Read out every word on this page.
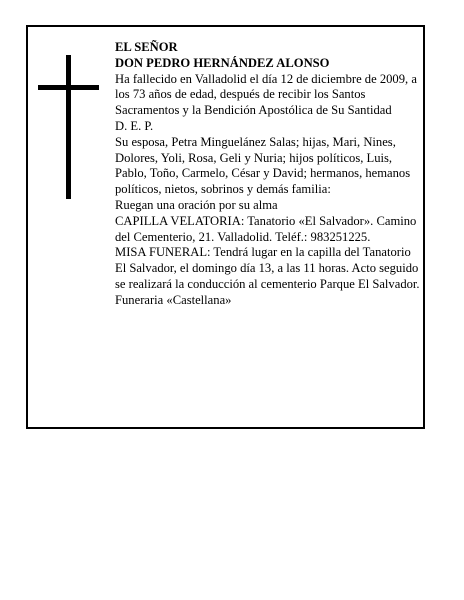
EL SEÑOR

DON PEDRO HERNÁNDEZ ALONSO

Ha fallecido en Valladolid el día 12 de diciembre de 2009, a los 73 años de edad, después de recibir los Santos Sacramentos y la Bendición Apostólica de Su Santidad

D. E. P.

Su esposa, Petra Minguelánez Salas; hijas, Mari, Nines, Dolores, Yoli, Rosa, Geli y Nuria; hijos políticos, Luis, Pablo, Toño, Carmelo, César y David; hermanos, hemanos políticos, nietos, sobrinos y demás familia:

Ruegan una oración por su alma

CAPILLA VELATORIA: Tanatorio «El Salvador». Camino del Cementerio, 21. Valladolid. Teléf.: 983251225.

MISA FUNERAL: Tendrá lugar en la capilla del Tanatorio El Salvador, el domingo día 13, a las 11 horas. Acto seguido se realizará la conducción al cementerio Parque El Salvador.

Funeraria «Castellana»
